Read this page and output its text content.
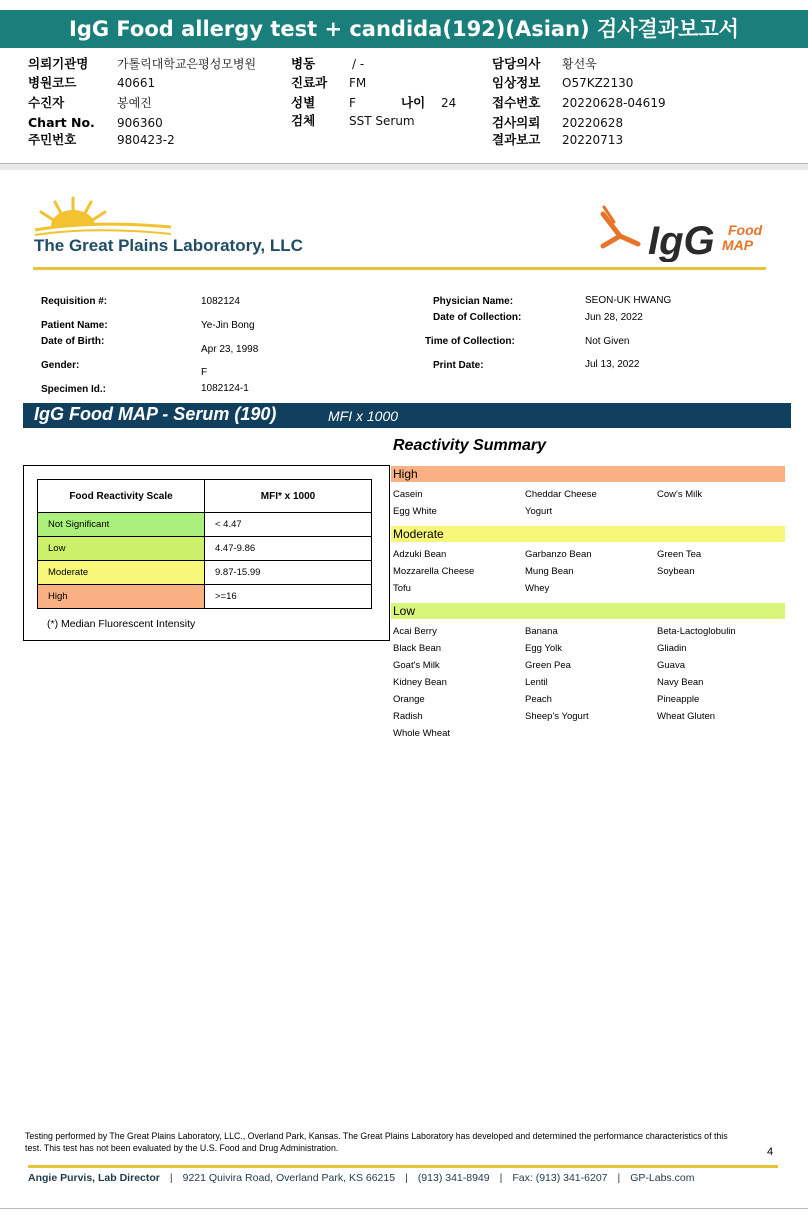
IgG Food allergy test + candida(192)(Asian) 검사결과보고서
의뢰기관명 가톨릭대학교은평성모병원
병원코드	40661
수진자	봉예진
Chart No. 906360
주민번호	980423-2
병동	/ -
진료과 FM
성별	F	나이 24
검체	SST Serum
담당의사 황선욱
임상정보 O57KZ2130
접수번호 20220628-04619
검사의뢰 20220628
결과보고 20220713
The Great Plains Laboratory, LLC	IgG Food
MAP
Requisition #:	1082124
Patient Name:	Ye-Jin Bong
Date of Birth:
Apr 23, 1998
Gender:
F
Specimen Id.:	1082124-1
Physician Name:	SEON-UK HWANG
Date of Collection:	Jun 28, 2022
Time of Collection:	Not Given
Print Date:	Jul 13, 2022
IgG Food MAP - Serum (190)	MFI x 1000
Food Reactivity Scale	MFI* x 1000
Not Significant	< 4.47
Low	4.47-9.86
Moderate	9.87-15.99
High	>=16
(*) Median Fluorescent Intensity
Reactivity Summary
High
Casein	Cheddar Cheese	Cow's Milk
Egg White	Yogurt
Moderate
Adzuki Bean	Garbanzo Bean	Green Tea
Mozzarella Cheese	Mung Bean	Soybean
Tofu	Whey
Low
Acai Berry	Banana	Beta-Lactoglobulin
Black Bean	Egg Yolk	Gliadin
Goat's Milk	Green Pea	Guava
Kidney Bean	Lentil	Navy Bean
Orange	Peach	Pineapple
Radish	Sheep's Yogurt	Wheat Gluten
Whole Wheat
Testing performed by The Great Plains Laboratory, LLC., Overland Park, Kansas. The Great Plains Laboratory has developed and determined the performance characteristics of this test. This test has not been evaluated by the U.S. Food and Drug Administration.	4
Angie Purvis, Lab Director | 9221 Quivira Road, Overland Park, KS 66215 | (913) 341-8949 | Fax: (913) 341-6207 | GP-Labs.com
